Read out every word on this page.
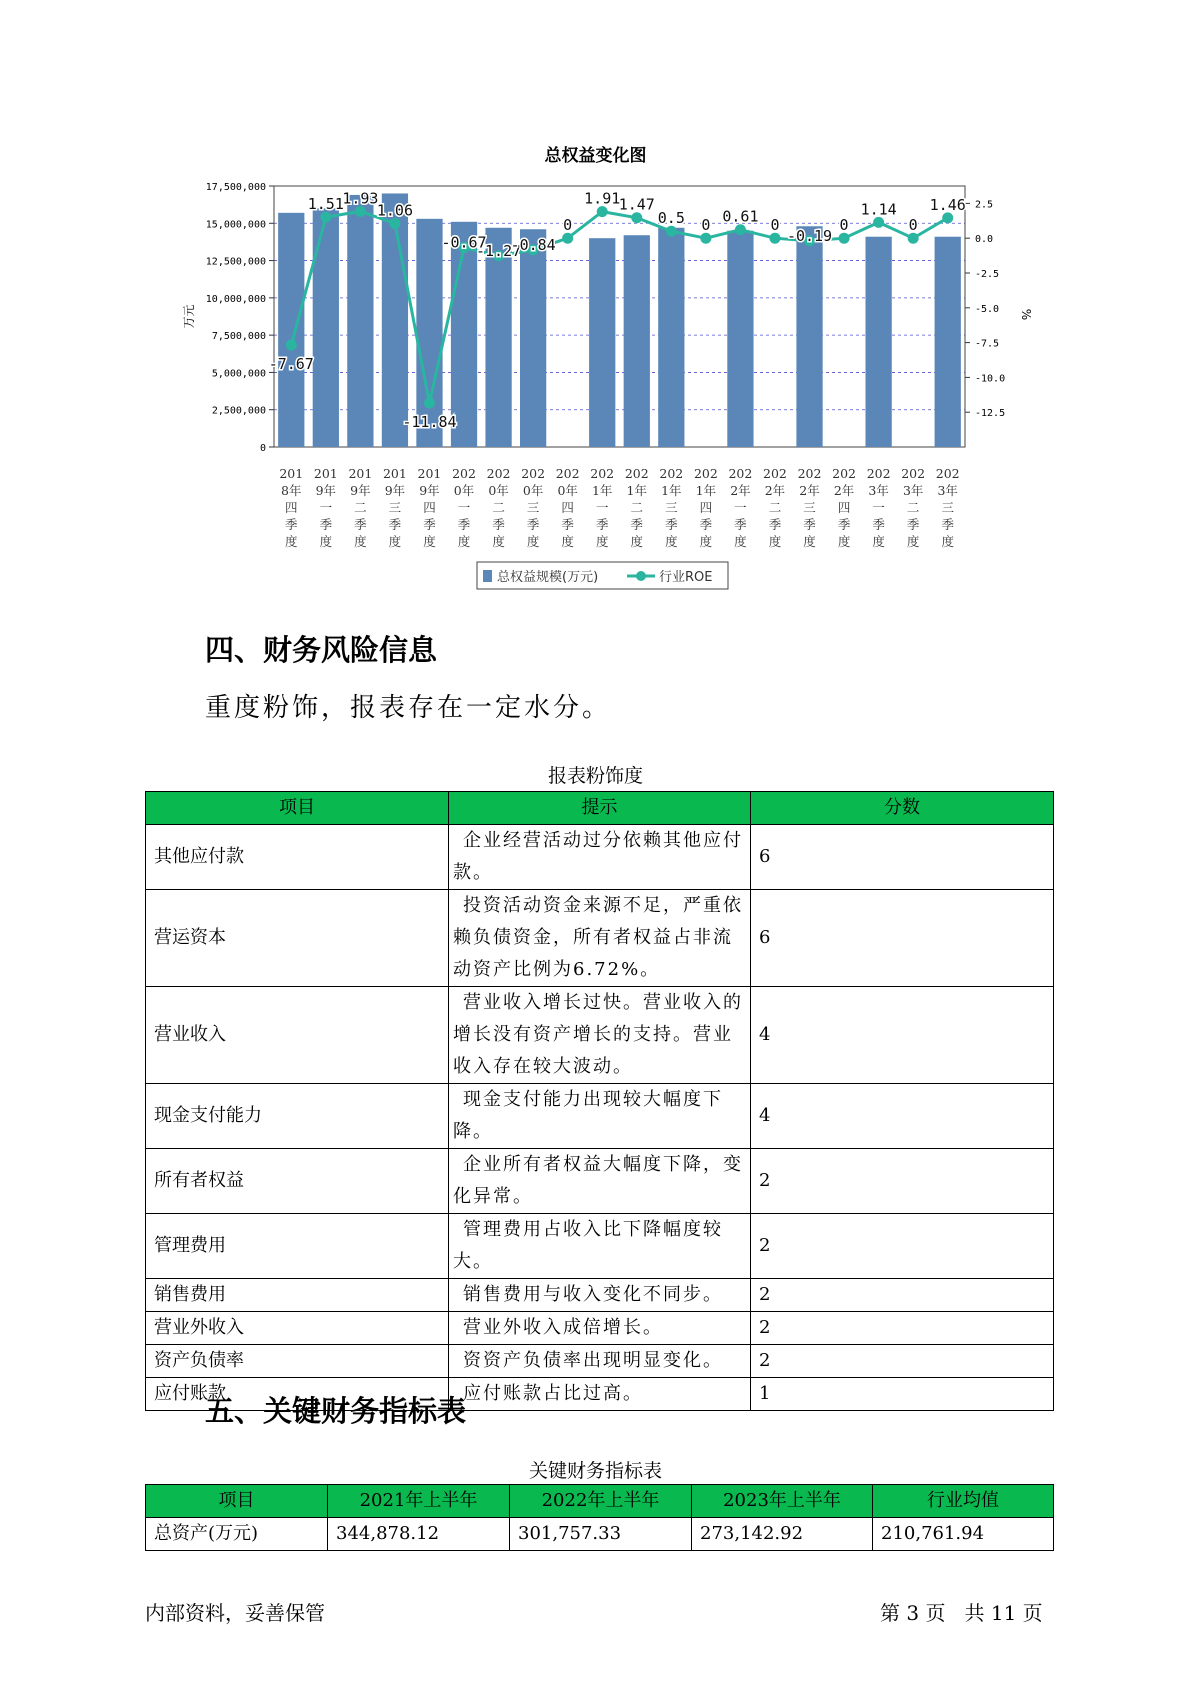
总权益变化图
0
2,500,000
5,000,000
7,500,000
10,000,000
12,500,000
15,000,000
17,500,000
-12.5
-10.0
-7.5
-5.0
-2.5
0.0
2.5
万元	%
-7.67
1.51
1.93
1.06
-11.84
-0.67
-1.27
-0.84
0
1.91
1.47
0.5 0 0.61 0
-0.19
0
1.14
0
1.46
201
8年
四
季
度
201
9年
一
季
度
201
9年
二
季
度
201
9年
三
季
度
201
9年
四
季
度
202
0年
一
季
度
202
0年
二
季
度
202
0年
三
季
度
202
0年
四
季
度
202
1年
一
季
度
202
1年
二
季
度
202
1年
三
季
度
202
1年
四
季
度
202
2年
一
季
度
202
2年
二
季
度
202
2年
三
季
度
202
2年
四
季
度
202
3年
一
季
度
202
3年
二
季
度
202
3年
三
季
度
总权益规模(万元)	行业ROE
四、财务风险信息
重度粉饰，报表存在一定水分。
报表粉饰度
项目	提示	分数
其他应付款	企业经营活动过分依赖其他应付款。	6
营运资本	投资活动资金来源不足，严重依赖负债资金，所有者权益占非流动资产比例为6.72%。	6
营业收入	营业收入增长过快。营业收入的增长没有资产增长的支持。营业收入存在较大波动。	4
现金支付能力	现金支付能力出现较大幅度下降。	4
所有者权益	企业所有者权益大幅度下降，变化异常。	2
管理费用	管理费用占收入比下降幅度较大。	2
销售费用	销售费用与收入变化不同步。	2
营业外收入	营业外收入成倍增长。	2
资产负债率	资资产负债率出现明显变化。	2
应付账款	应付账款占比过高。	1
五、关键财务指标表
关键财务指标表
项目	2021年上半年	2022年上半年	2023年上半年	行业均值
总资产(万元)	344,878.12	301,757.33	273,142.92	210,761.94
内部资料，妥善保管	第 3 页   共 11 页
